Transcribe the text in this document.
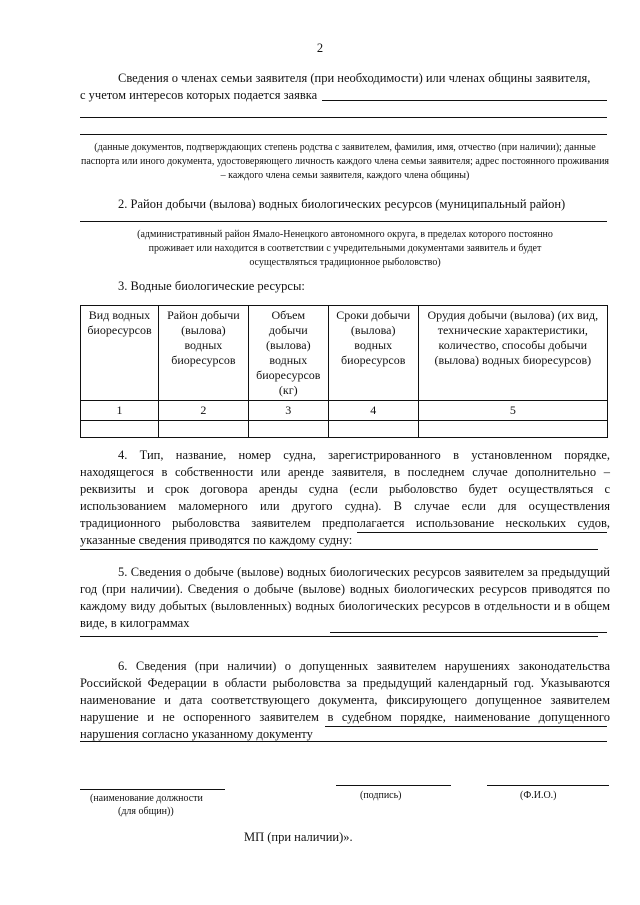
2
Сведения о членах семьи заявителя (при необходимости) или членах общины заявителя,
с учетом интересов которых подается заявка
(данные документов, подтверждающих степень родства с заявителем, фамилия, имя, отчество (при наличии); данные паспорта или иного документа, удостоверяющего личность каждого члена семьи заявителя; адрес постоянного проживания – каждого члена семьи заявителя, каждого члена общины)
2. Район добычи (вылова) водных биологических ресурсов (муниципальный район)
(административный район Ямало-Ненецкого автономного округа, в пределах которого постоянно проживает или находится в соответствии с учредительными документами заявитель и будет осуществляться традиционное рыболовство)
3. Водные биологические ресурсы:
Вид водных биоресурсов	Район добычи (вылова) водных биоресурсов	Объем добычи (вылова) водных биоресурсов (кг)	Сроки добычи (вылова) водных биоресурсов	Орудия добычи (вылова) (их вид, технические характеристики, количество, способы добычи (вылова) водных биоресурсов)
1	2	3	4	5

4. Тип, название, номер судна, зарегистрированного в установленном порядке, находящегося в собственности или аренде заявителя, в последнем случае дополнительно – реквизиты и срок договора аренды судна (если рыболовство будет осуществляться с использованием маломерного или другого судна). В случае если для осуществления традиционного рыболовства заявителем предполагается использование нескольких судов, указанные сведения приводятся по каждому судну:
5. Сведения о добыче (вылове) водных биологических ресурсов заявителем за предыдущий год (при наличии). Сведения о добыче (вылове) водных биологических ресурсов приводятся по каждому виду добытых (выловленных) водных биологических ресурсов в отдельности и в общем виде, в килограммах
6. Сведения (при наличии) о допущенных заявителем нарушениях законодательства Российской Федерации в области рыболовства за предыдущий календарный год. Указываются наименование и дата соответствующего документа, фиксирующего допущенное заявителем нарушение и не оспоренного заявителем в судебном порядке, наименование допущенного нарушения согласно указанному документу
(наименование должности
(для общин))
(подпись)	(Ф.И.О.)
МП (при наличии)».
